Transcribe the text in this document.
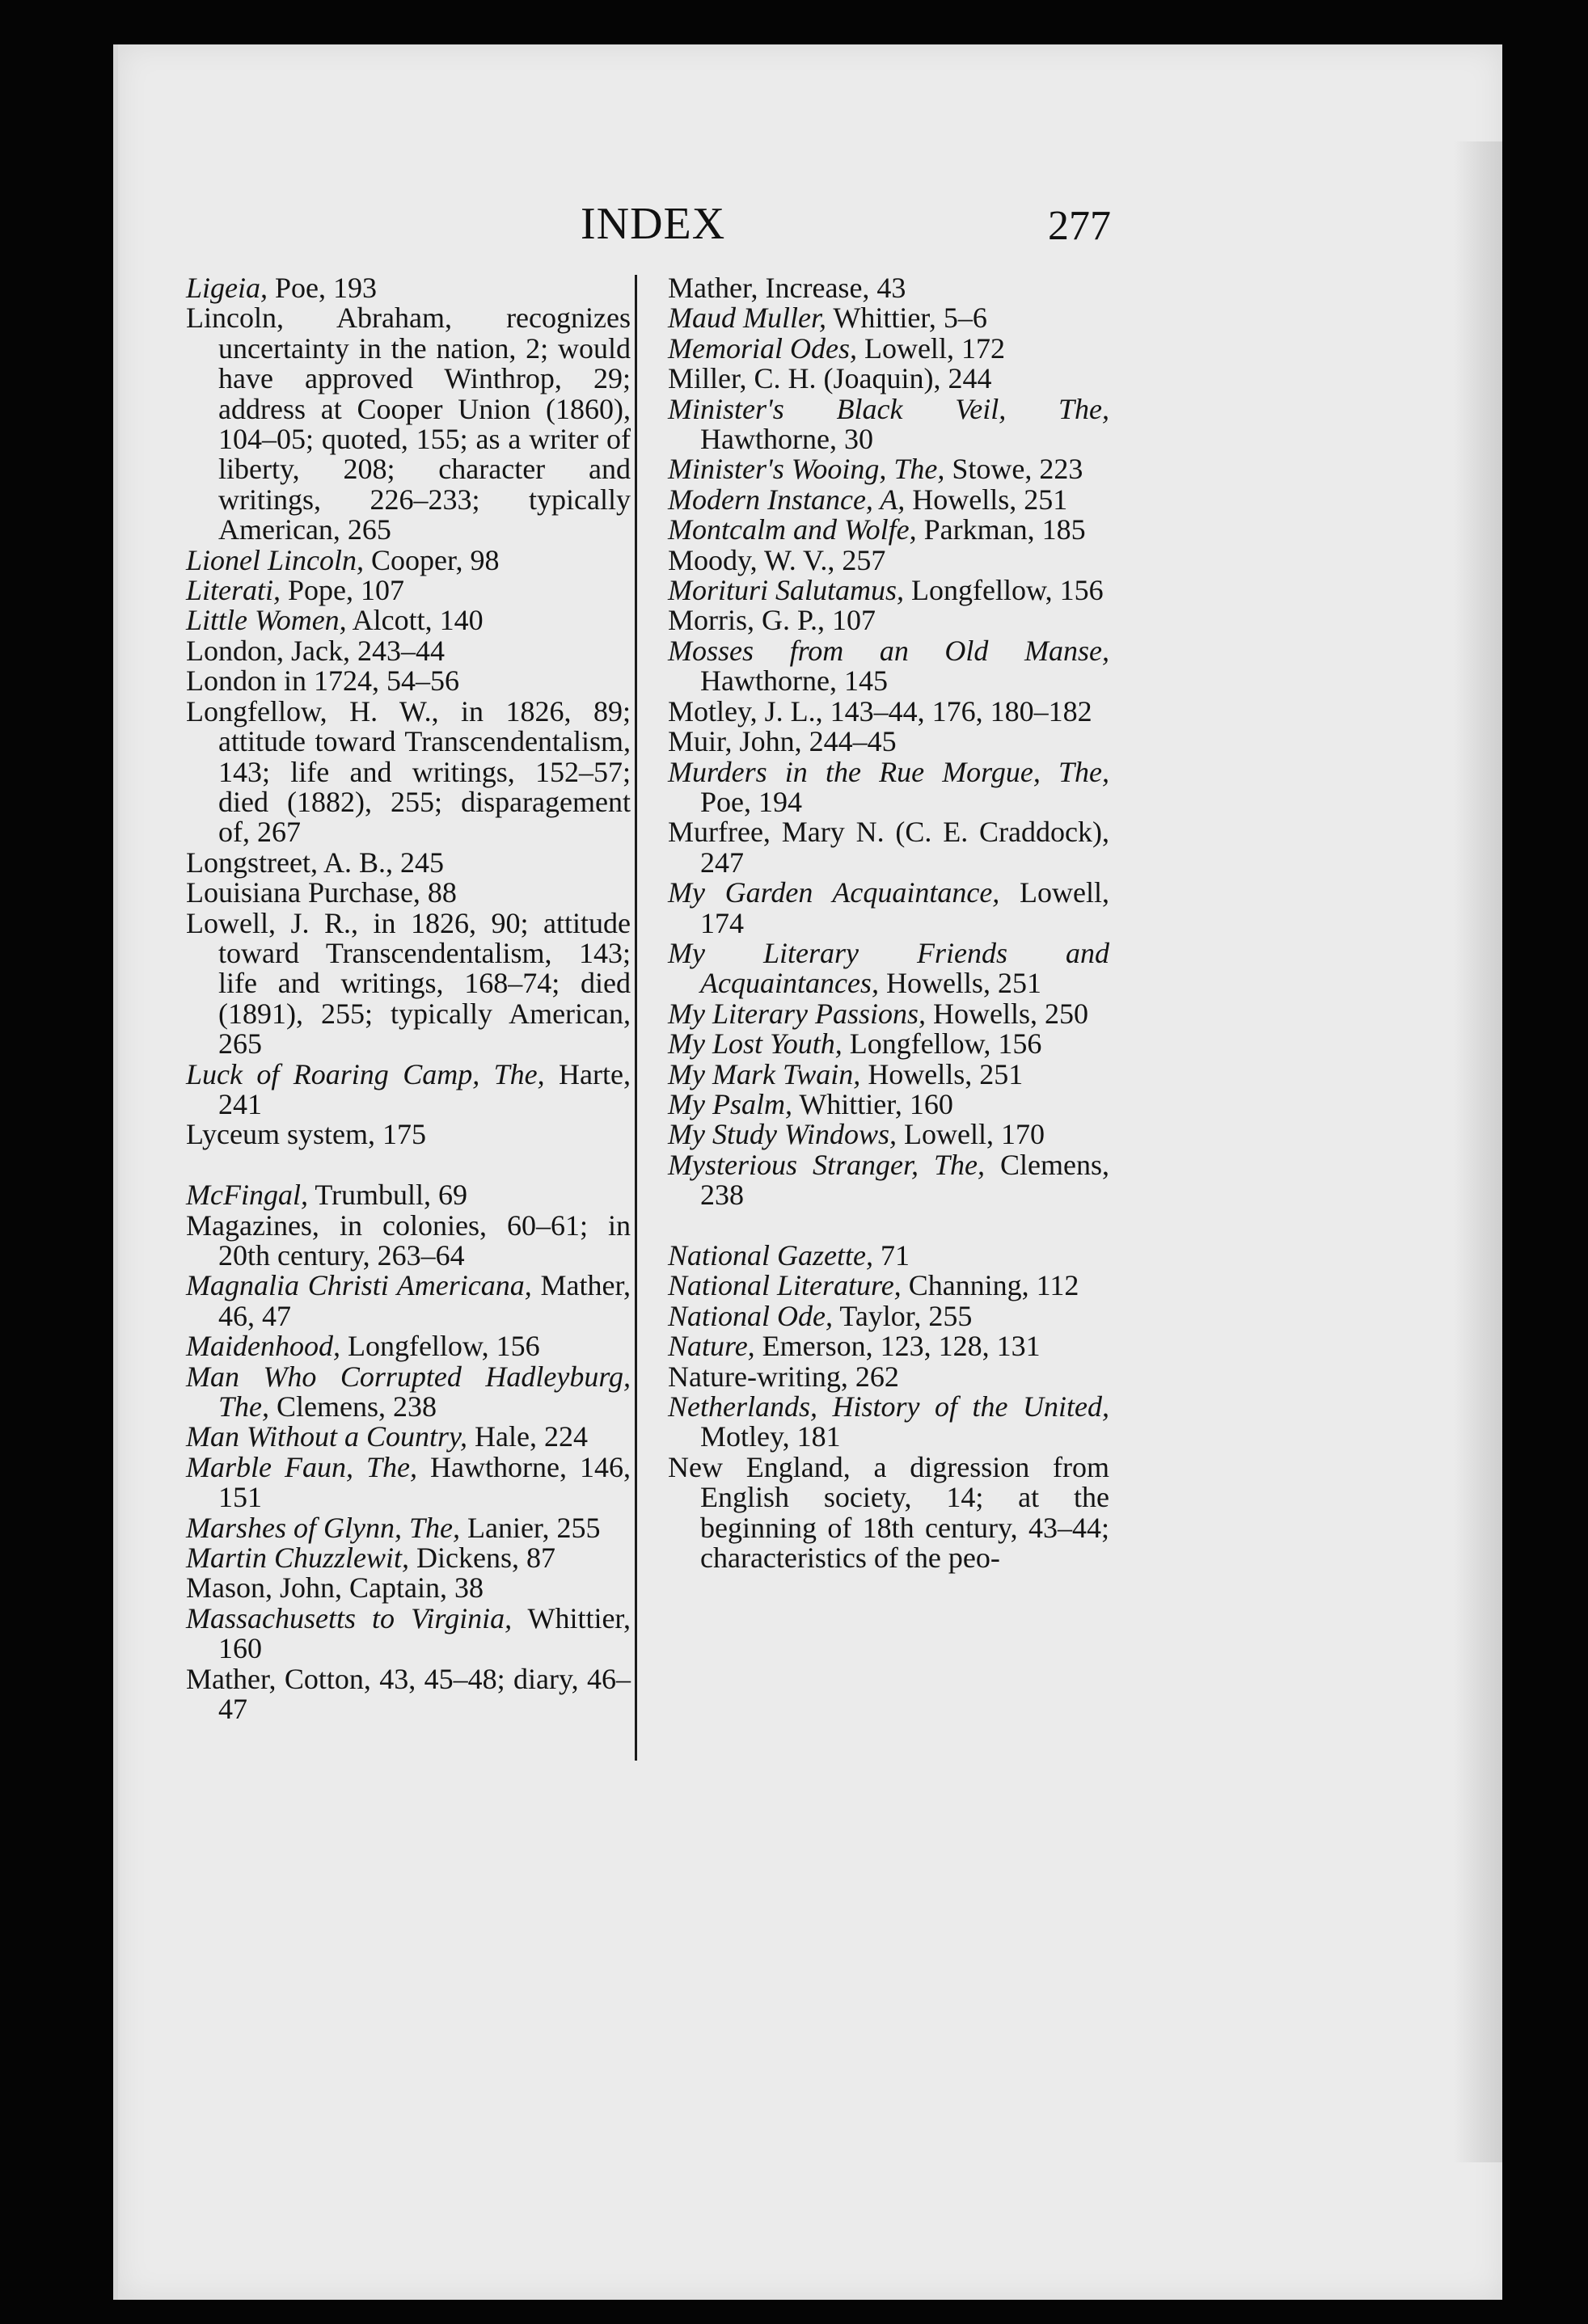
INDEX	277

Ligeia, Poe, 193

Lincoln, Abraham, recognizes uncertainty in the nation, 2; would have approved Winthrop, 29; address at Cooper Union (1860), 104–05; quoted, 155; as a writer of liberty, 208; character and writings, 226–233; typically American, 265

Lionel Lincoln, Cooper, 98

Literati, Pope, 107

Little Women, Alcott, 140

London, Jack, 243–44

London in 1724, 54–56

Longfellow, H. W., in 1826, 89; attitude toward Transcendentalism, 143; life and writings, 152–57; died (1882), 255; disparagement of, 267

Longstreet, A. B., 245

Louisiana Purchase, 88

Lowell, J. R., in 1826, 90; attitude toward Transcendentalism, 143; life and writings, 168–74; died (1891), 255; typically American, 265

Luck of Roaring Camp, The, Harte, 241

Lyceum system, 175

McFingal, Trumbull, 69

Magazines, in colonies, 60–61; in 20th century, 263–64

Magnalia Christi Americana, Mather, 46, 47

Maidenhood, Longfellow, 156

Man Who Corrupted Hadleyburg, The, Clemens, 238

Man Without a Country, Hale, 224

Marble Faun, The, Hawthorne, 146, 151

Marshes of Glynn, The, Lanier, 255

Martin Chuzzlewit, Dickens, 87

Mason, John, Captain, 38

Massachusetts to Virginia, Whittier, 160

Mather, Cotton, 43, 45–48; diary, 46–47

Mather, Increase, 43

Maud Muller, Whittier, 5–6

Memorial Odes, Lowell, 172

Miller, C. H. (Joaquin), 244

Minister's Black Veil, The, Hawthorne, 30

Minister's Wooing, The, Stowe, 223

Modern Instance, A, Howells, 251

Montcalm and Wolfe, Parkman, 185

Moody, W. V., 257

Morituri Salutamus, Longfellow, 156

Morris, G. P., 107

Mosses from an Old Manse, Hawthorne, 145

Motley, J. L., 143–44, 176, 180–182

Muir, John, 244–45

Murders in the Rue Morgue, The, Poe, 194

Murfree, Mary N. (C. E. Craddock), 247

My Garden Acquaintance, Lowell, 174

My Literary Friends and Acquaintances, Howells, 251

My Literary Passions, Howells, 250

My Lost Youth, Longfellow, 156

My Mark Twain, Howells, 251

My Psalm, Whittier, 160

My Study Windows, Lowell, 170

Mysterious Stranger, The, Clemens, 238

National Gazette, 71

National Literature, Channing, 112

National Ode, Taylor, 255

Nature, Emerson, 123, 128, 131

Nature-writing, 262

Netherlands, History of the United, Motley, 181

New England, a digression from English society, 14; at the beginning of 18th century, 43–44; characteristics of the peo-
